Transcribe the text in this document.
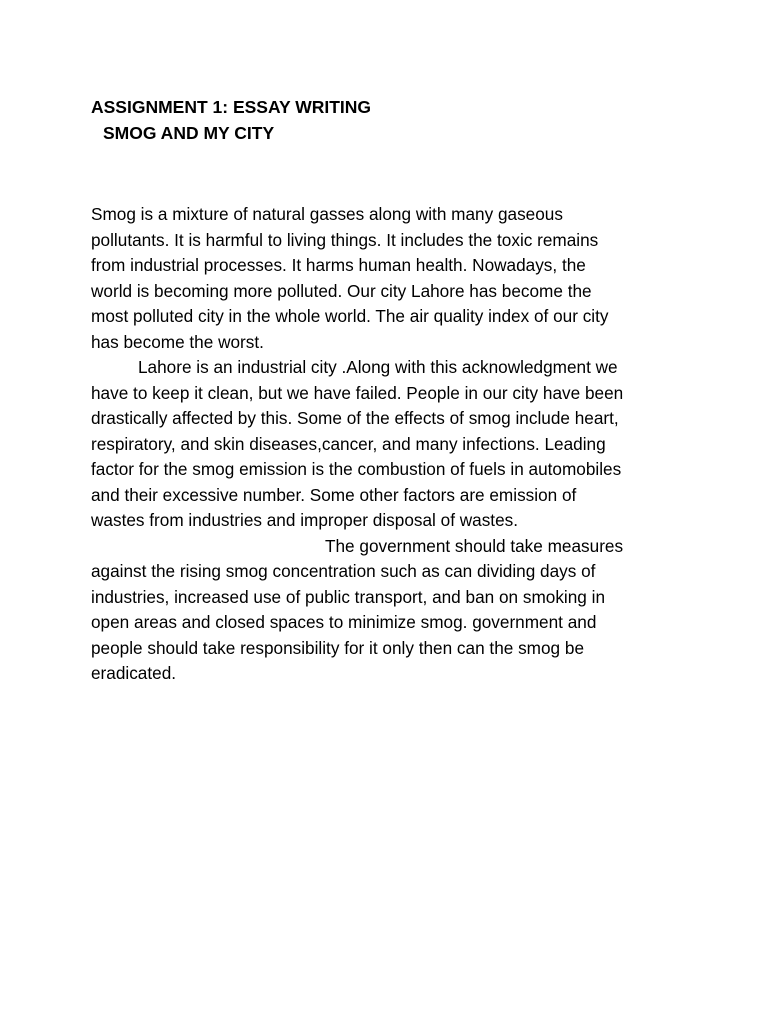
ASSIGNMENT 1: ESSAY WRITING
SMOG AND MY CITY
Smog is a mixture of natural gasses along with many gaseous
pollutants. It is harmful to living things. It includes the toxic remains
from industrial processes. It harms human health. Nowadays, the
world is becoming more polluted. Our city Lahore has become the
most polluted city in the whole world. The air quality index of our city
has become the worst.
Lahore is an industrial city .Along with this acknowledgment we
have to keep it clean, but we have failed. People in our city have been
drastically affected by this. Some of the effects of smog include heart,
respiratory, and skin diseases,cancer, and many infections. Leading
factor for the smog emission is the combustion of fuels in automobiles
and their excessive number. Some other factors are emission of
wastes from industries and improper disposal of wastes.
The government should take measures
against the rising smog concentration such as can dividing days of
industries, increased use of public transport, and ban on smoking in
open areas and closed spaces to minimize smog. government and
people should take responsibility for it only then can the smog be
eradicated.
